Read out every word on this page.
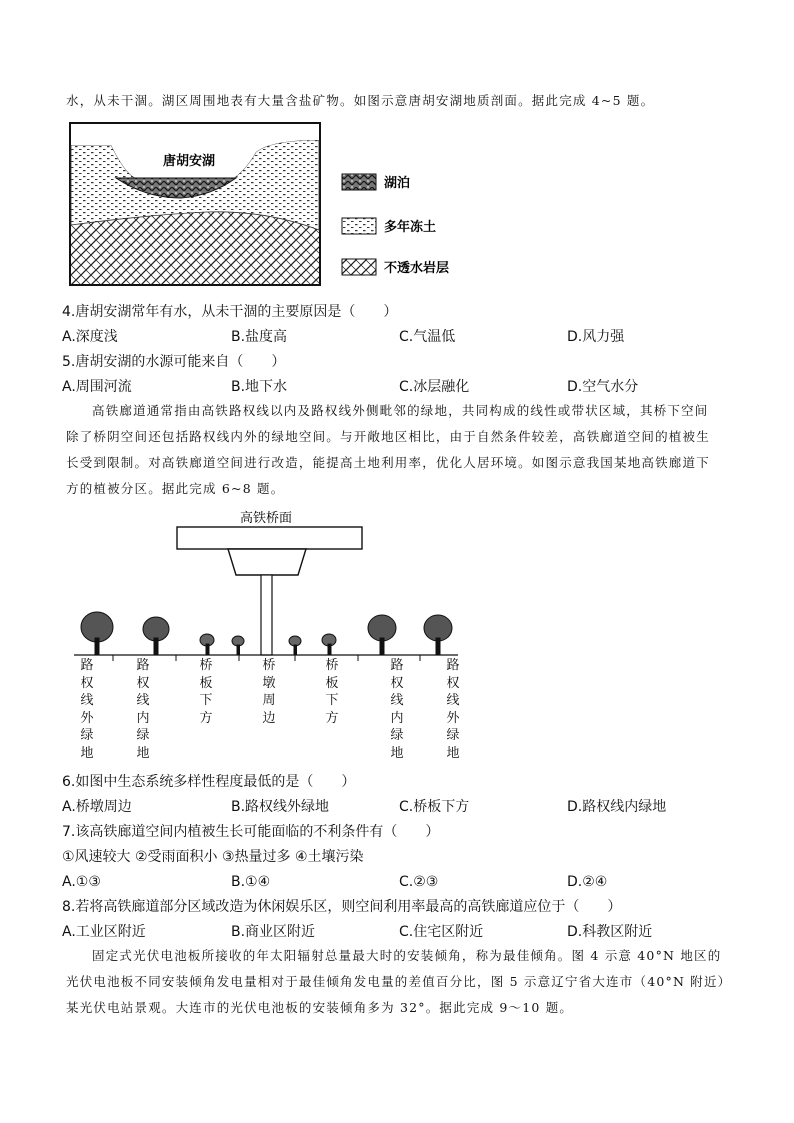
水，从未干涸。湖区周围地表有大量含盐矿物。如图示意唐胡安湖地质剖面。据此完成 4~5 题。
唐胡安湖
湖泊
多年冻土
不透水岩层
4.唐胡安湖常年有水，从未干涸的主要原因是（　　）
A.深度浅	B.盐度高	C.气温低	D.风力强
5.唐胡安湖的水源可能来自（　　）
A.周围河流	B.地下水	C.冰层融化	D.空气水分
高铁廊道通常指由高铁路权线以内及路权线外侧毗邻的绿地，共同构成的线性或带状区域，其桥下空间
除了桥阴空间还包括路权线内外的绿地空间。与开敞地区相比，由于自然条件较差，高铁廊道空间的植被生
长受到限制。对高铁廊道空间进行改造，能提高土地利用率，优化人居环境。如图示意我国某地高铁廊道下
方的植被分区。据此完成 6~8 题。
高铁桥面
路
权
线
外
绿
地
路
权
线
内
绿
地
桥
板
下
方
桥
墩
周
边
桥
板
下
方
路
权
线
内
绿
地
路
权
线
外
绿
地
6.如图中生态系统多样性程度最低的是（　　）
A.桥墩周边	B.路权线外绿地	C.桥板下方	D.路权线内绿地
7.该高铁廊道空间内植被生长可能面临的不利条件有（　　）
①风速较大 ②受雨面积小 ③热量过多 ④土壤污染
A.①③	B.①④	C.②③	D.②④
8.若将高铁廊道部分区域改造为休闲娱乐区，则空间利用率最高的高铁廊道应位于（　　）
A.工业区附近	B.商业区附近	C.住宅区附近	D.科教区附近
固定式光伏电池板所接收的年太阳辐射总量最大时的安装倾角，称为最佳倾角。图 4 示意 40°N 地区的
光伏电池板不同安装倾角发电量相对于最佳倾角发电量的差值百分比，图 5 示意辽宁省大连市（40°N 附近）
某光伏电站景观。大连市的光伏电池板的安装倾角多为 32°。据此完成 9～10 题。
